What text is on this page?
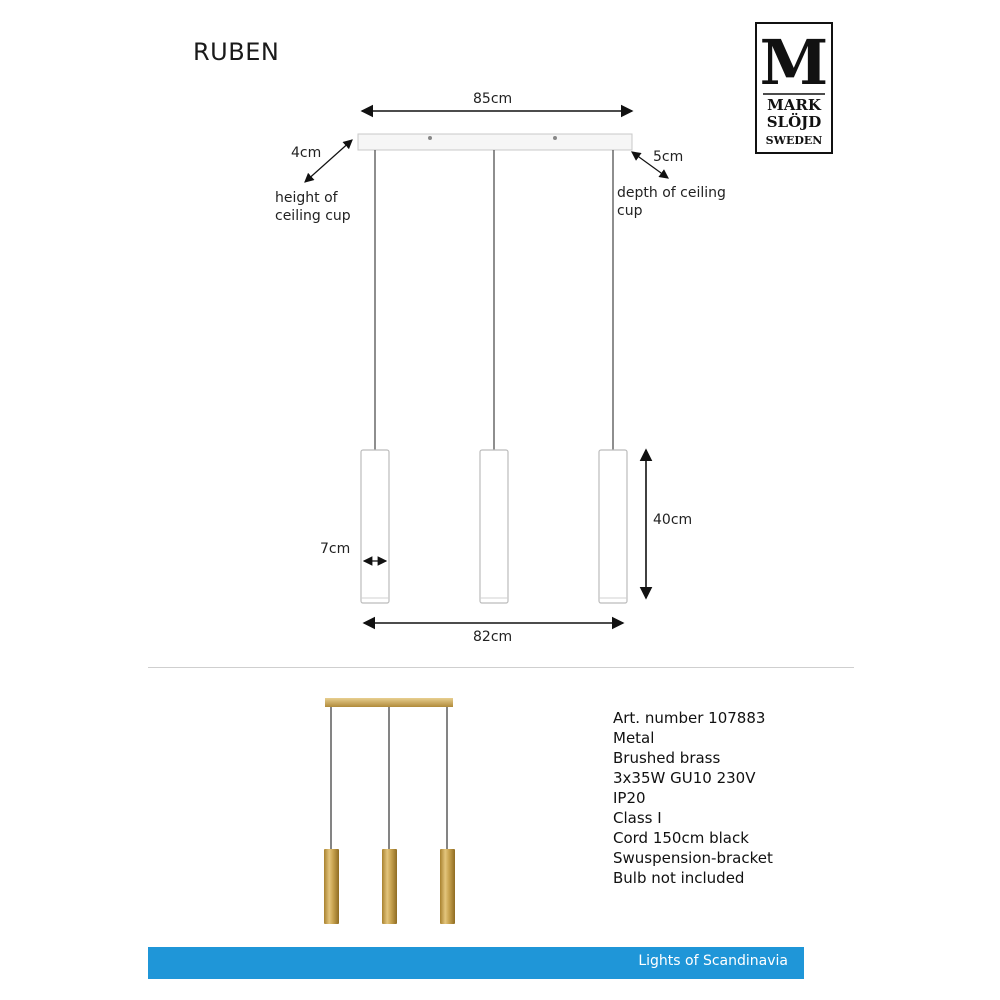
RUBEN	M
MARK
SLÖJD
SWEDEN
85cm
4cm
height of
ceiling cup
5cm
depth of ceiling
cup
7cm
40cm
82cm
Art. number 107883
Metal
Brushed brass
3x35W GU10 230V
IP20
Class I
Cord 150cm black
Swuspension-bracket
Bulb not included
Lights of Scandinavia
